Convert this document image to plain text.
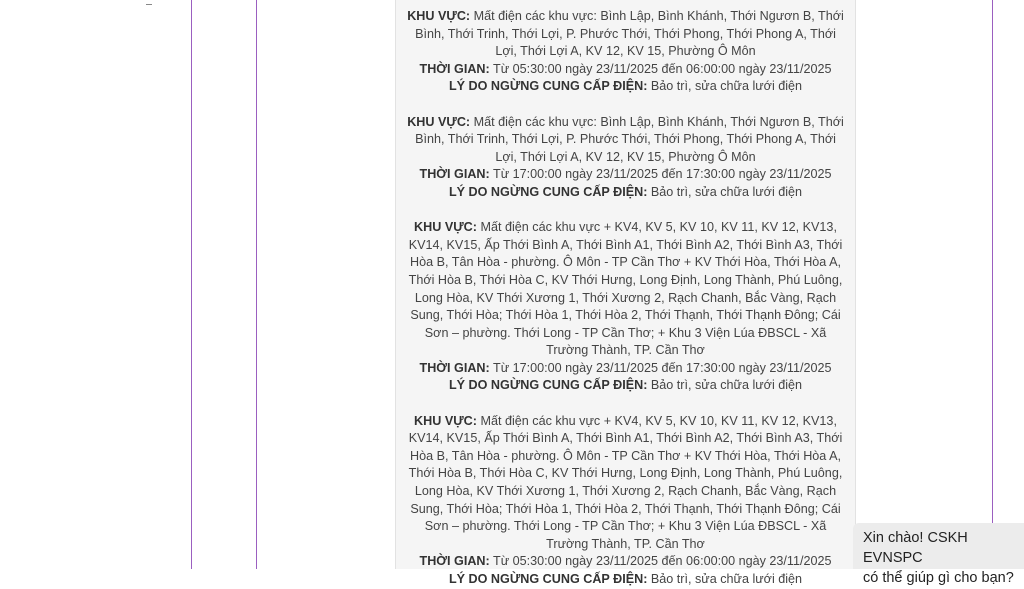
KHU VỰC: Mất điện các khu vực: Bình Lập, Bình Khánh, Thới Ngươn B, Thới Bình, Thới Trinh, Thới Lợi, P. Phước Thới, Thới Phong, Thới Phong A, Thới Lợi, Thới Lợi A, KV 12, KV 15, Phường Ô Môn

THỜI GIAN: Từ 05:30:00 ngày 23/11/2025 đến 06:00:00 ngày 23/11/2025

LÝ DO NGỪNG CUNG CẤP ĐIỆN: Bảo trì, sửa chữa lưới điện

KHU VỰC: Mất điện các khu vực: Bình Lập, Bình Khánh, Thới Ngươn B, Thới Bình, Thới Trinh, Thới Lợi, P. Phước Thới, Thới Phong, Thới Phong A, Thới Lợi, Thới Lợi A, KV 12, KV 15, Phường Ô Môn

THỜI GIAN: Từ 17:00:00 ngày 23/11/2025 đến 17:30:00 ngày 23/11/2025

LÝ DO NGỪNG CUNG CẤP ĐIỆN: Bảo trì, sửa chữa lưới điện

KHU VỰC: Mất điện các khu vực + KV4, KV 5, KV 10, KV 11, KV 12, KV13, KV14, KV15, Ấp Thới Bình A, Thới Bình A1, Thới Bình A2, Thới Bình A3, Thới Hòa B, Tân Hòa - phường. Ô Môn - TP Cần Thơ + KV Thới Hòa, Thới Hòa A, Thới Hòa B, Thới Hòa C, KV Thới Hưng, Long Định, Long Thành, Phú Luông, Long Hòa, KV Thới Xương 1, Thới Xương 2, Rạch Chanh, Bắc Vàng, Rạch Sung, Thới Hòa; Thới Hòa 1, Thới Hòa 2, Thới Thạnh, Thới Thạnh Đông; Cái Sơn – phường. Thới Long - TP Cần Thơ; + Khu 3 Viện Lúa ĐBSCL - Xã Trường Thành, TP. Cần Thơ

THỜI GIAN: Từ 17:00:00 ngày 23/11/2025 đến 17:30:00 ngày 23/11/2025

LÝ DO NGỪNG CUNG CẤP ĐIỆN: Bảo trì, sửa chữa lưới điện

KHU VỰC: Mất điện các khu vực + KV4, KV 5, KV 10, KV 11, KV 12, KV13, KV14, KV15, Ấp Thới Bình A, Thới Bình A1, Thới Bình A2, Thới Bình A3, Thới Hòa B, Tân Hòa - phường. Ô Môn - TP Cần Thơ + KV Thới Hòa, Thới Hòa A, Thới Hòa B, Thới Hòa C, KV Thới Hưng, Long Định, Long Thành, Phú Luông, Long Hòa, KV Thới Xương 1, Thới Xương 2, Rạch Chanh, Bắc Vàng, Rạch Sung, Thới Hòa; Thới Hòa 1, Thới Hòa 2, Thới Thạnh, Thới Thạnh Đông; Cái Sơn – phường. Thới Long - TP Cần Thơ; + Khu 3 Viện Lúa ĐBSCL - Xã Trường Thành, TP. Cần Thơ

THỜI GIAN: Từ 05:30:00 ngày 23/11/2025 đến 06:00:00 ngày 23/11/2025

LÝ DO NGỪNG CUNG CẤP ĐIỆN: Bảo trì, sửa chữa lưới điện

Xin chào! CSKH EVNSPC
có thể giúp gì cho bạn?
